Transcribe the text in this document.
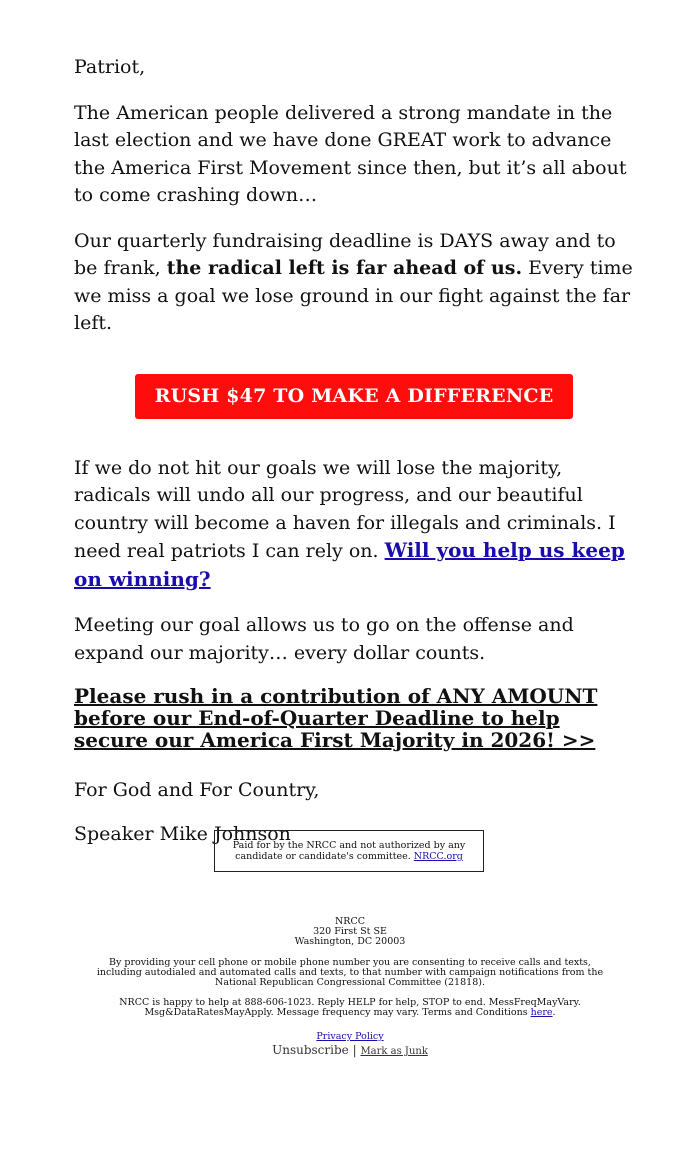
Patriot,

The American people delivered a strong mandate in the last election and we have done GREAT work to advance the America First Movement since then, but it’s all about to come crashing down…

Our quarterly fundraising deadline is DAYS away and to be frank, the radical left is far ahead of us. Every time we miss a goal we lose ground in our fight against the far left.

RUSH $47 TO MAKE A DIFFERENCE

If we do not hit our goals we will lose the majority, radicals will undo all our progress, and our beautiful country will become a haven for illegals and criminals. I need real patriots I can rely on. Will you help us keep on winning?

Meeting our goal allows us to go on the offense and expand our majority… every dollar counts.

Please rush in a contribution of ANY AMOUNT before our End-of-Quarter Deadline to help secure our America First Majority in 2026! >>

For God and For Country,

Speaker Mike Johnson

Paid for by the NRCC and not authorized by any candidate or candidate's committee. NRCC.org
NRCC
320 First St SE
Washington, DC 20003
By providing your cell phone or mobile phone number you are consenting to receive calls and texts, including autodialed and automated calls and texts, to that number with campaign notifications from the National Republican Congressional Committee (21818).
NRCC is happy to help at 888-606-1023. Reply HELP for help, STOP to end. MessFreqMayVary. Msg&DataRatesMayApply. Message frequency may vary. Terms and Conditions here.
Privacy Policy
Unsubscribe | Mark as Junk
